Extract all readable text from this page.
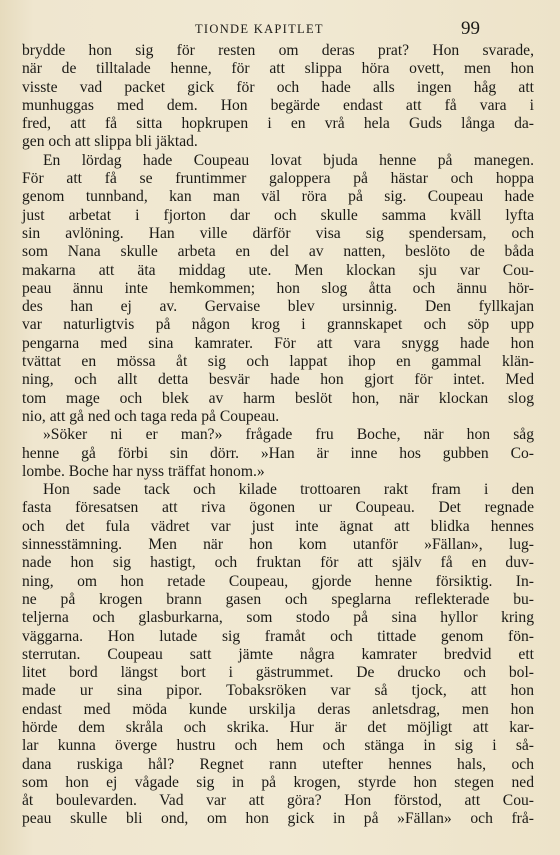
TIONDE KAPITLET	99
brydde hon sig för resten om deras prat? Hon svarade,
när de tilltalade henne, för att slippa höra ovett, men hon
visste vad packet gick för och hade alls ingen håg att
munhuggas med dem. Hon begärde endast att få vara i
fred, att få sitta hopkrupen i en vrå hela Guds långa da-
gen och att slippa bli jäktad.
En lördag hade Coupeau lovat bjuda henne på manegen.
För att få se fruntimmer galoppera på hästar och hoppa
genom tunnband, kan man väl röra på sig. Coupeau hade
just arbetat i fjorton dar och skulle samma kväll lyfta
sin avlöning. Han ville därför visa sig spendersam, och
som Nana skulle arbeta en del av natten, beslöto de båda
makarna att äta middag ute. Men klockan sju var Cou-
peau ännu inte hemkommen; hon slog åtta och ännu hör-
des han ej av. Gervaise blev ursinnig. Den fyllkajan
var naturligtvis på någon krog i grannskapet och söp upp
pengarna med sina kamrater. För att vara snygg hade hon
tvättat en mössa åt sig och lappat ihop en gammal klän-
ning, och allt detta besvär hade hon gjort för intet. Med
tom mage och blek av harm beslöt hon, när klockan slog
nio, att gå ned och taga reda på Coupeau.
»Söker ni er man?» frågade fru Boche, när hon såg
henne gå förbi sin dörr. »Han är inne hos gubben Co-
lombe. Boche har nyss träffat honom.»
Hon sade tack och kilade trottoaren rakt fram i den
fasta föresatsen att riva ögonen ur Coupeau. Det regnade
och det fula vädret var just inte ägnat att blidka hennes
sinnesstämning. Men när hon kom utanför »Fällan», lug-
nade hon sig hastigt, och fruktan för att själv få en duv-
ning, om hon retade Coupeau, gjorde henne försiktig. In-
ne på krogen brann gasen och speglarna reflekterade bu-
teljerna och glasburkarna, som stodo på sina hyllor kring
väggarna. Hon lutade sig framåt och tittade genom fön-
sterrutan. Coupeau satt jämte några kamrater bredvid ett
litet bord längst bort i gästrummet. De drucko och bol-
made ur sina pipor. Tobaksröken var så tjock, att hon
endast med möda kunde urskilja deras anletsdrag, men hon
hörde dem skråla och skrika. Hur är det möjligt att kar-
lar kunna överge hustru och hem och stänga in sig i så-
dana ruskiga hål? Regnet rann utefter hennes hals, och
som hon ej vågade sig in på krogen, styrde hon stegen ned
åt boulevarden. Vad var att göra? Hon förstod, att Cou-
peau skulle bli ond, om hon gick in på »Fällan» och frå-
